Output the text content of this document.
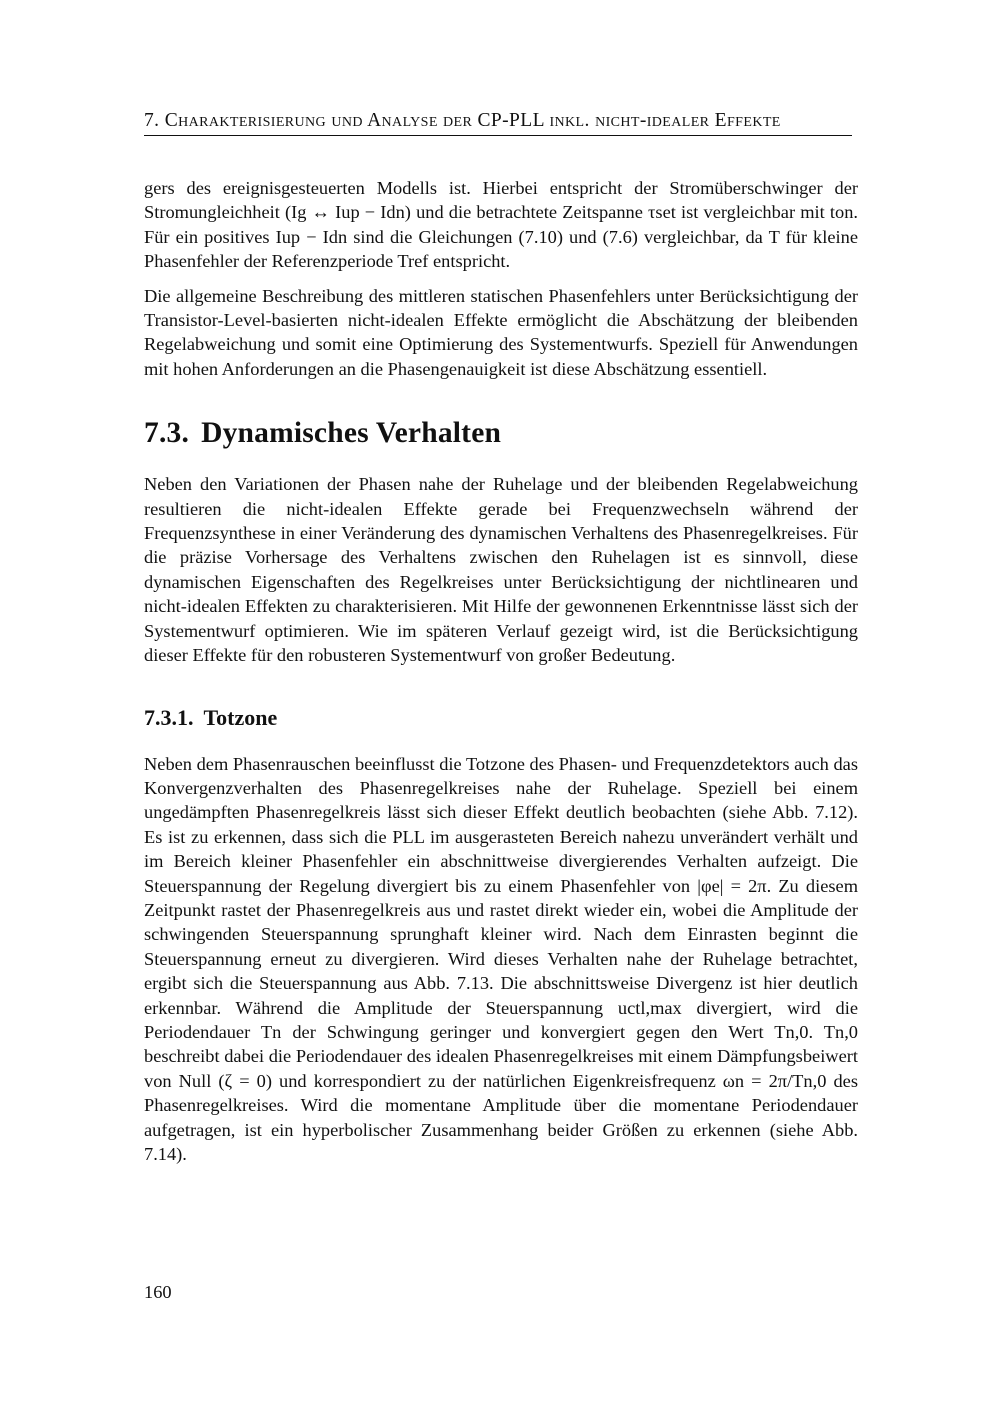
7. Charakterisierung und Analyse der CP-PLL inkl. nicht-idealer Effekte

gers des ereignisgesteuerten Modells ist. Hierbei entspricht der Stromüberschwinger der Stromungleichheit (Ig ↔ Iup − Idn) und die betrachtete Zeitspanne τset ist vergleichbar mit ton. Für ein positives Iup − Idn sind die Gleichungen (7.10) und (7.6) vergleichbar, da T für kleine Phasenfehler der Referenzperiode Tref entspricht.

Die allgemeine Beschreibung des mittleren statischen Phasenfehlers unter Berücksichtigung der Transistor-Level-basierten nicht-idealen Effekte ermöglicht die Abschätzung der bleibenden Regelabweichung und somit eine Optimierung des Systementwurfs. Speziell für Anwendungen mit hohen Anforderungen an die Phasengenauigkeit ist diese Abschätzung essentiell.

7.3. Dynamisches Verhalten

Neben den Variationen der Phasen nahe der Ruhelage und der bleibenden Regelabweichung resultieren die nicht-idealen Effekte gerade bei Frequenzwechseln während der Frequenzsynthese in einer Veränderung des dynamischen Verhaltens des Phasenregelkreises. Für die präzise Vorhersage des Verhaltens zwischen den Ruhelagen ist es sinnvoll, diese dynamischen Eigenschaften des Regelkreises unter Berücksichtigung der nichtlinearen und nicht-idealen Effekten zu charakterisieren. Mit Hilfe der gewonnenen Erkenntnisse lässt sich der Systementwurf optimieren. Wie im späteren Verlauf gezeigt wird, ist die Berücksichtigung dieser Effekte für den robusteren Systementwurf von großer Bedeutung.

7.3.1. Totzone

Neben dem Phasenrauschen beeinflusst die Totzone des Phasen- und Frequenzdetektors auch das Konvergenzverhalten des Phasenregelkreises nahe der Ruhelage. Speziell bei einem ungedämpften Phasenregelkreis lässt sich dieser Effekt deutlich beobachten (siehe Abb. 7.12). Es ist zu erkennen, dass sich die PLL im ausgerasteten Bereich nahezu unverändert verhält und im Bereich kleiner Phasenfehler ein abschnittweise divergierendes Verhalten aufzeigt. Die Steuerspannung der Regelung divergiert bis zu einem Phasenfehler von |φe| = 2π. Zu diesem Zeitpunkt rastet der Phasenregelkreis aus und rastet direkt wieder ein, wobei die Amplitude der schwingenden Steuerspannung sprunghaft kleiner wird. Nach dem Einrasten beginnt die Steuerspannung erneut zu divergieren. Wird dieses Verhalten nahe der Ruhelage betrachtet, ergibt sich die Steuerspannung aus Abb. 7.13. Die abschnittsweise Divergenz ist hier deutlich erkennbar. Während die Amplitude der Steuerspannung uctl,max divergiert, wird die Periodendauer Tn der Schwingung geringer und konvergiert gegen den Wert Tn,0. Tn,0 beschreibt dabei die Periodendauer des idealen Phasenregelkreises mit einem Dämpfungsbeiwert von Null (ζ = 0) und korrespondiert zu der natürlichen Eigenkreisfrequenz ωn = 2π/Tn,0 des Phasenregelkreises. Wird die momentane Amplitude über die momentane Periodendauer aufgetragen, ist ein hyperbolischer Zusammenhang beider Größen zu erkennen (siehe Abb. 7.14).

160
